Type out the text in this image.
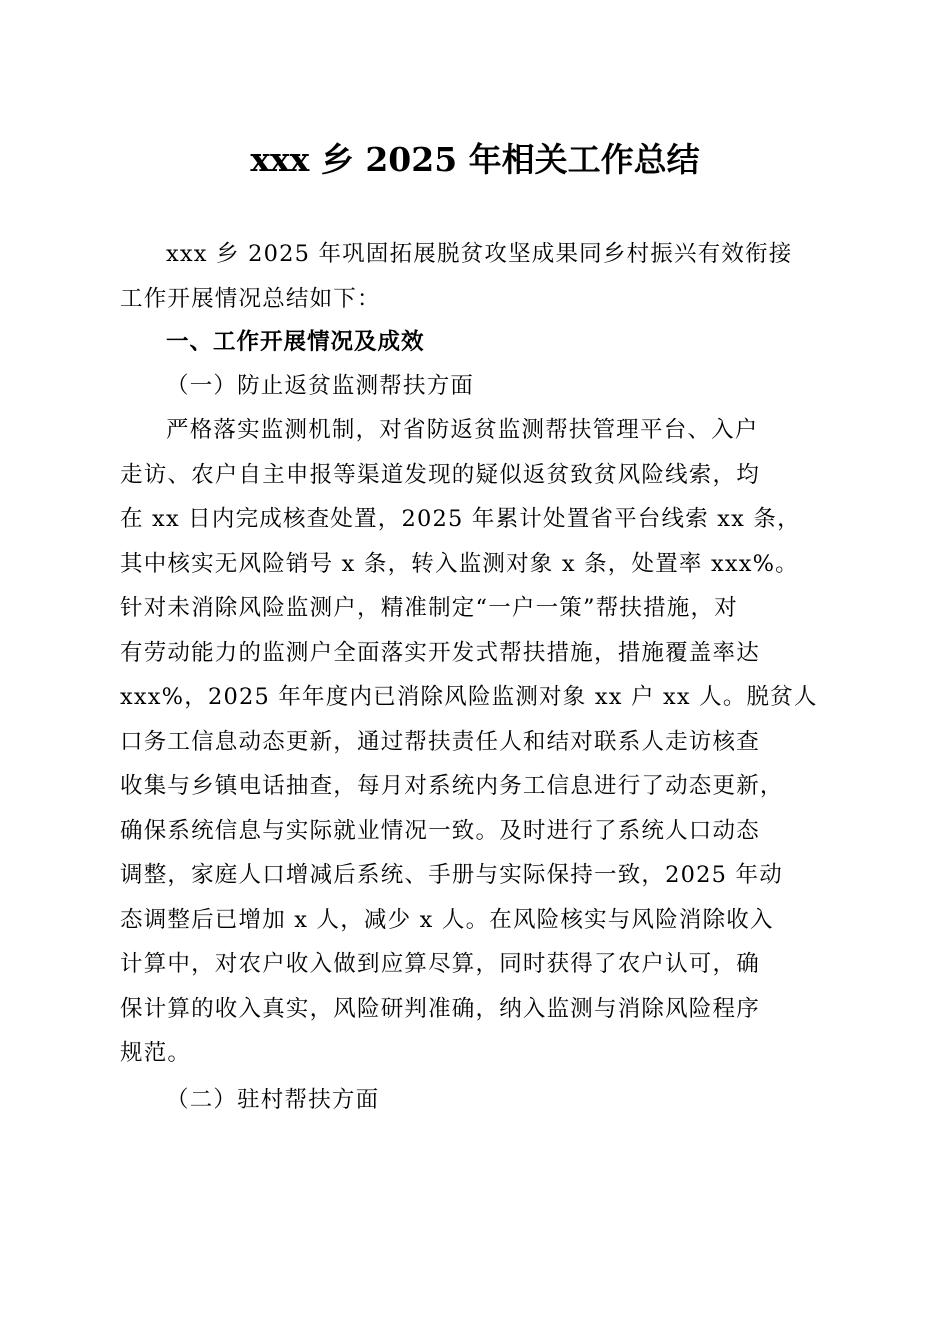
xxx 乡 2025 年相关工作总结
xxx 乡 2025 年巩固拓展脱贫攻坚成果同乡村振兴有效衔接
工作开展情况总结如下：
一、工作开展情况及成效
（一）防止返贫监测帮扶方面
严格落实监测机制，对省防返贫监测帮扶管理平台、入户
走访、农户自主申报等渠道发现的疑似返贫致贫风险线索，均
在 xx 日内完成核查处置，2025 年累计处置省平台线索 xx 条，
其中核实无风险销号 x 条，转入监测对象 x 条，处置率 xxx%。
针对未消除风险监测户，精准制定“一户一策”帮扶措施，对
有劳动能力的监测户全面落实开发式帮扶措施，措施覆盖率达
xxx%，2025 年年度内已消除风险监测对象 xx 户 xx 人。脱贫人
口务工信息动态更新，通过帮扶责任人和结对联系人走访核查
收集与乡镇电话抽查，每月对系统内务工信息进行了动态更新，
确保系统信息与实际就业情况一致。及时进行了系统人口动态
调整，家庭人口增减后系统、手册与实际保持一致，2025 年动
态调整后已增加 x 人，减少 x 人。在风险核实与风险消除收入
计算中，对农户收入做到应算尽算，同时获得了农户认可，确
保计算的收入真实，风险研判准确，纳入监测与消除风险程序
规范。
（二）驻村帮扶方面
